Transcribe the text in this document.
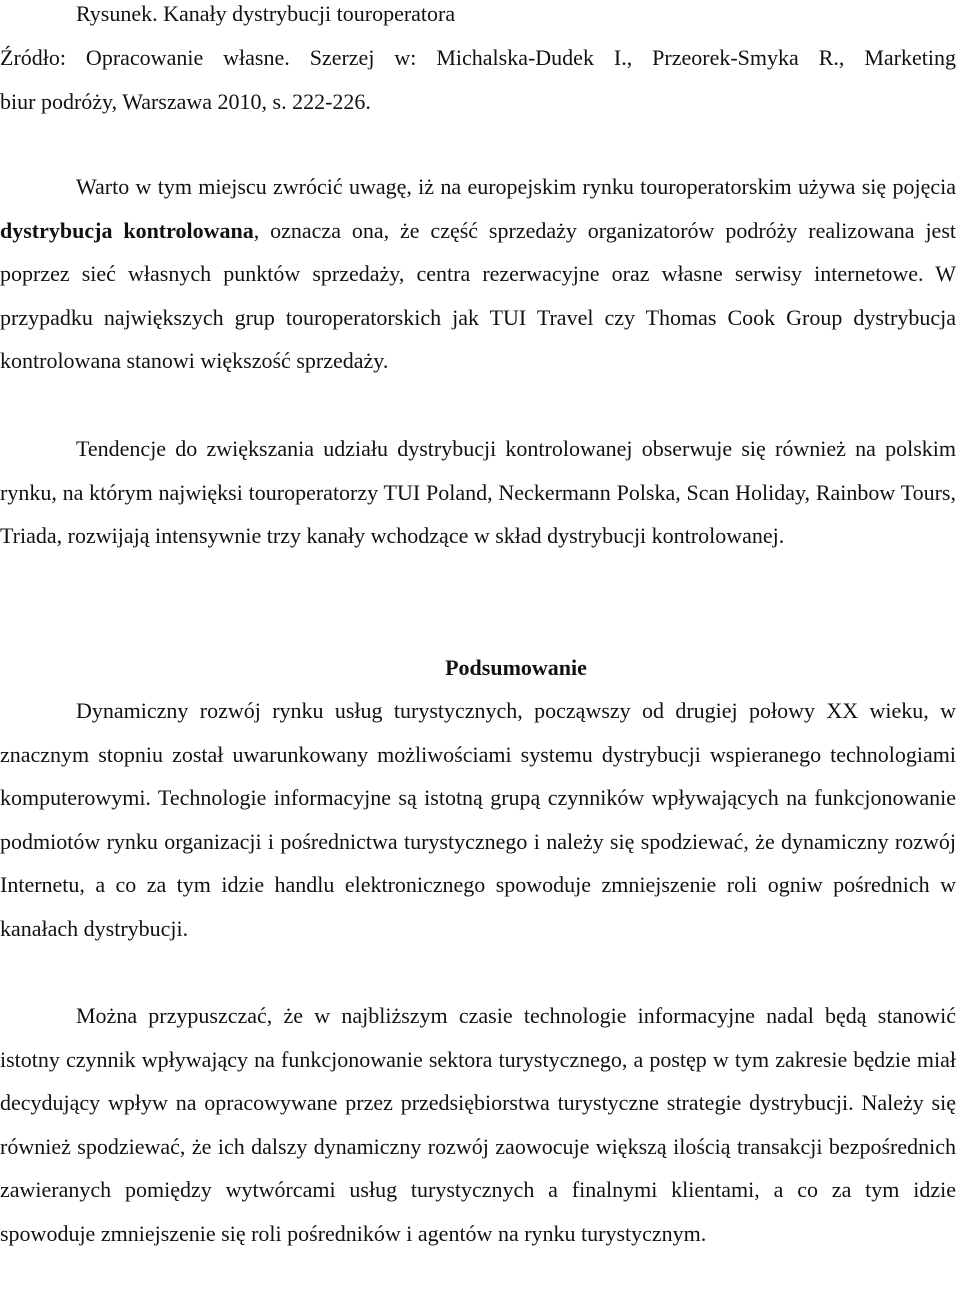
Rysunek. Kanały dystrybucji touroperatora
Źródło: Opracowanie własne. Szerzej w: Michalska-Dudek I., Przeorek-Smyka R., Marketing
biur podróży, Warszawa 2010, s. 222-226.

Warto w tym miejscu zwrócić uwagę, iż na europejskim rynku touroperatorskim używa się pojęcia dystrybucja kontrolowana, oznacza ona, że część sprzedaży organizatorów podróży realizowana jest poprzez sieć własnych punktów sprzedaży, centra rezerwacyjne oraz własne serwisy internetowe. W przypadku największych grup touroperatorskich jak TUI Travel czy Thomas Cook Group dystrybucja kontrolowana stanowi większość sprzedaży.

Tendencje do zwiększania udziału dystrybucji kontrolowanej obserwuje się również na polskim rynku, na którym najwięksi touroperatorzy TUI Poland, Neckermann Polska, Scan Holiday, Rainbow Tours, Triada, rozwijają intensywnie trzy kanały wchodzące w skład dystrybucji kontrolowanej.

Podsumowanie

Dynamiczny rozwój rynku usług turystycznych, począwszy od drugiej połowy XX wieku, w znacznym stopniu został uwarunkowany możliwościami systemu dystrybucji wspieranego technologiami komputerowymi. Technologie informacyjne są istotną grupą czynników wpływających na funkcjonowanie podmiotów rynku organizacji i pośrednictwa turystycznego i należy się spodziewać, że dynamiczny rozwój Internetu, a co za tym idzie handlu elektronicznego spowoduje zmniejszenie roli ogniw pośrednich w kanałach dystrybucji.

Można przypuszczać, że w najbliższym czasie technologie informacyjne nadal będą stanowić istotny czynnik wpływający na funkcjonowanie sektora turystycznego, a postęp w tym zakresie będzie miał decydujący wpływ na opracowywane przez przedsiębiorstwa turystyczne strategie dystrybucji. Należy się również spodziewać, że ich dalszy dynamiczny rozwój zaowocuje większą ilością transakcji bezpośrednich zawieranych pomiędzy wytwórcami usług turystycznych a finalnymi klientami, a co za tym idzie spowoduje zmniejszenie się roli pośredników i agentów na rynku turystycznym.
